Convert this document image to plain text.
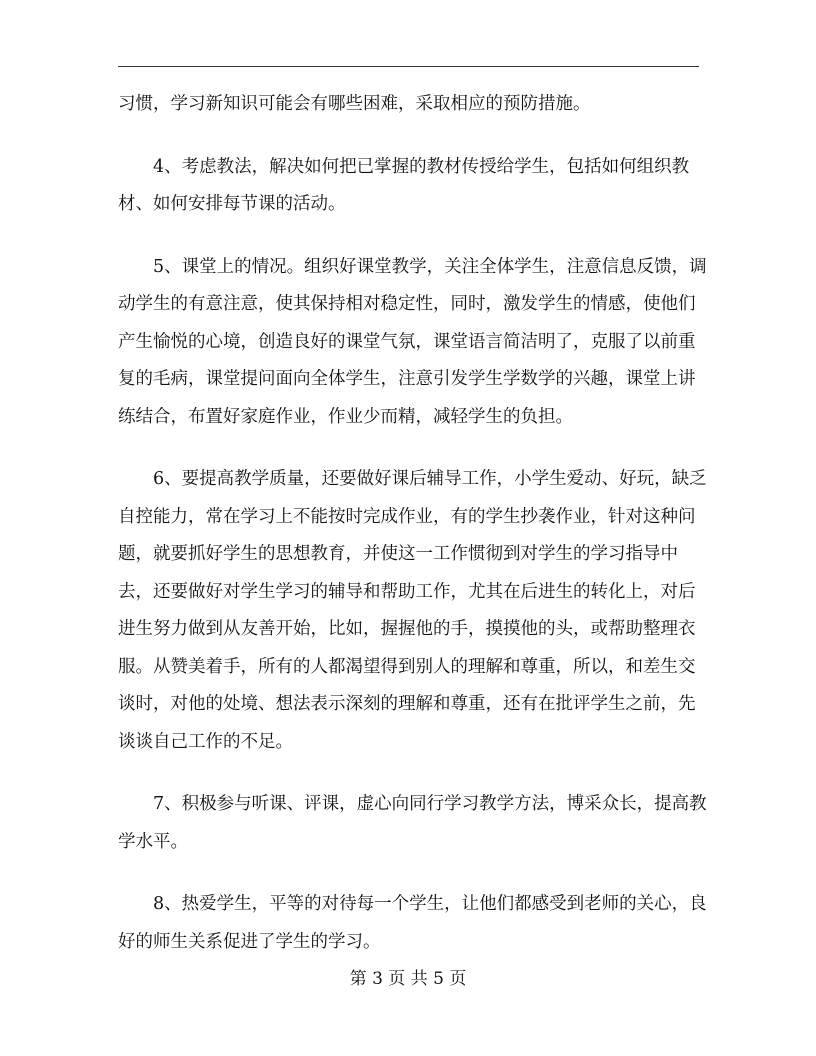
习惯，学习新知识可能会有哪些困难，采取相应的预防措施。

4、考虑教法，解决如何把已掌握的教材传授给学生，包括如何组织教材、如何安排每节课的活动。

5、课堂上的情况。组织好课堂教学，关注全体学生，注意信息反馈，调动学生的有意注意，使其保持相对稳定性，同时，激发学生的情感，使他们产生愉悦的心境，创造良好的课堂气氛，课堂语言简洁明了，克服了以前重复的毛病，课堂提问面向全体学生，注意引发学生学数学的兴趣，课堂上讲练结合，布置好家庭作业，作业少而精，减轻学生的负担。

6、要提高教学质量，还要做好课后辅导工作，小学生爱动、好玩，缺乏自控能力，常在学习上不能按时完成作业，有的学生抄袭作业，针对这种问题，就要抓好学生的思想教育，并使这一工作惯彻到对学生的学习指导中去，还要做好对学生学习的辅导和帮助工作，尤其在后进生的转化上，对后进生努力做到从友善开始，比如，握握他的手，摸摸他的头，或帮助整理衣服。从赞美着手，所有的人都渴望得到别人的理解和尊重，所以，和差生交谈时，对他的处境、想法表示深刻的理解和尊重，还有在批评学生之前，先谈谈自己工作的不足。

7、积极参与听课、评课，虚心向同行学习教学方法，博采众长，提高教学水平。

8、热爱学生，平等的对待每一个学生，让他们都感受到老师的关心，良好的师生关系促进了学生的学习。

第 3 页 共 5 页
